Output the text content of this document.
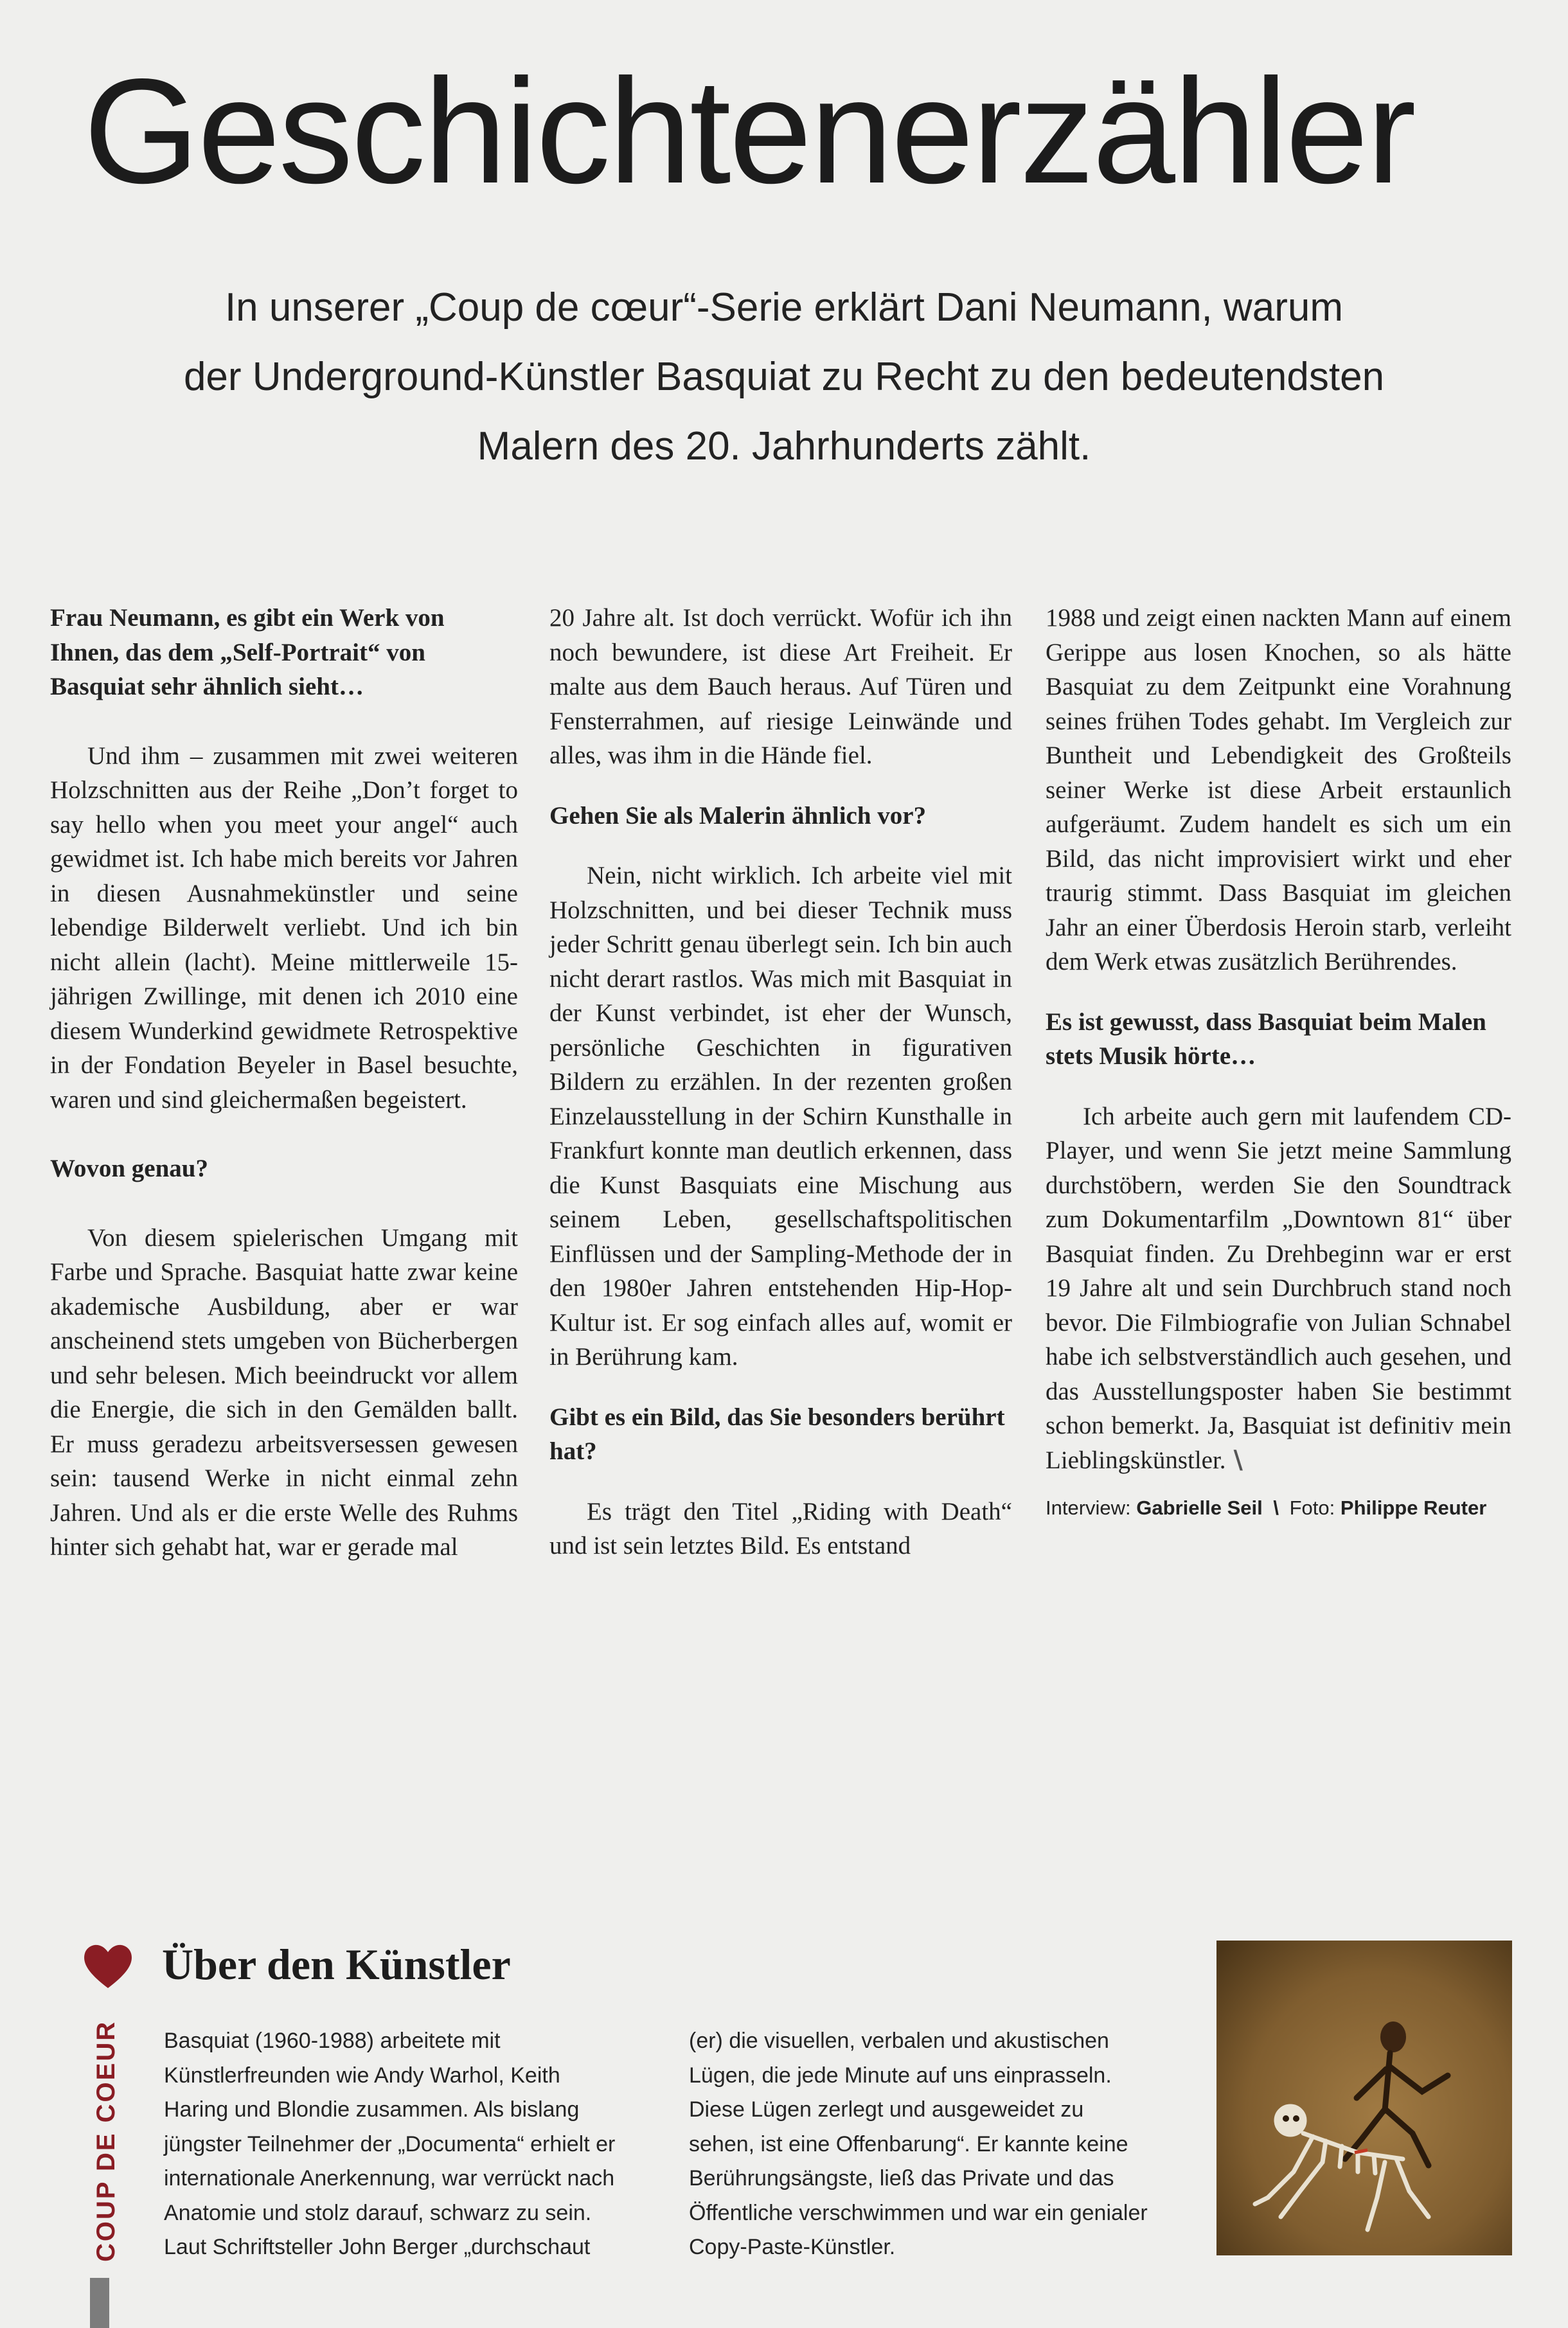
Geschichtenerzähler
In unserer „Coup de cœur“-Serie erklärt Dani Neumann, warum
der Underground-Künstler Basquiat zu Recht zu den bedeutendsten
Malern des 20. Jahrhunderts zählt.

Frau Neumann, es gibt ein Werk von Ihnen, das dem „Self-Portrait“ von Basquiat sehr ähnlich sieht…

Und ihm – zusammen mit zwei weiteren Holzschnitten aus der Reihe „Don’t forget to say hello when you meet your angel“ auch gewidmet ist. Ich habe mich bereits vor Jahren in diesen Ausnahmekünstler und seine lebendige Bilderwelt verliebt. Und ich bin nicht allein (lacht). Meine mittlerweile 15-jährigen Zwillinge, mit denen ich 2010 eine diesem Wunderkind gewidmete Retrospektive in der Fondation Beyeler in Basel besuchte, waren und sind gleichermaßen begeistert.

Wovon genau?

Von diesem spielerischen Umgang mit Farbe und Sprache. Basquiat hatte zwar keine akademische Ausbildung, aber er war anscheinend stets umgeben von Bücherbergen und sehr belesen. Mich beeindruckt vor allem die Energie, die sich in den Gemälden ballt. Er muss geradezu arbeitsversessen gewesen sein: tausend Werke in nicht einmal zehn Jahren. Und als er die erste Welle des Ruhms hinter sich gehabt hat, war er gerade mal

20 Jahre alt. Ist doch verrückt. Wofür ich ihn noch bewundere, ist diese Art Freiheit. Er malte aus dem Bauch heraus. Auf Türen und Fensterrahmen, auf riesige Leinwände und alles, was ihm in die Hände fiel.

Gehen Sie als Malerin ähnlich vor?

Nein, nicht wirklich. Ich arbeite viel mit Holzschnitten, und bei dieser Technik muss jeder Schritt genau überlegt sein. Ich bin auch nicht derart rastlos. Was mich mit Basquiat in der Kunst verbindet, ist eher der Wunsch, persönliche Geschichten in figurativen Bildern zu erzählen. In der rezenten großen Einzelausstellung in der Schirn Kunsthalle in Frankfurt konnte man deutlich erkennen, dass die Kunst Basquiats eine Mischung aus seinem Leben, gesellschaftspolitischen Einflüssen und der Sampling-Methode der in den 1980er Jahren entstehenden Hip-Hop-Kultur ist. Er sog einfach alles auf, womit er in Berührung kam.

Gibt es ein Bild, das Sie besonders berührt hat?

Es trägt den Titel „Riding with Death“ und ist sein letztes Bild. Es entstand

1988 und zeigt einen nackten Mann auf einem Gerippe aus losen Knochen, so als hätte Basquiat zu dem Zeitpunkt eine Vorahnung seines frühen Todes gehabt. Im Vergleich zur Buntheit und Lebendigkeit des Großteils seiner Werke ist diese Arbeit erstaunlich aufgeräumt. Zudem handelt es sich um ein Bild, das nicht improvisiert wirkt und eher traurig stimmt. Dass Basquiat im gleichen Jahr an einer Überdosis Heroin starb, verleiht dem Werk etwas zusätzlich Berührendes.

Es ist gewusst, dass Basquiat beim Malen stets Musik hörte…

Ich arbeite auch gern mit laufendem CD-Player, und wenn Sie jetzt meine Sammlung durchstöbern, werden Sie den Soundtrack zum Dokumentarfilm „Downtown 81“ über Basquiat finden. Zu Drehbeginn war er erst 19 Jahre alt und sein Durchbruch stand noch bevor. Die Filmbiografie von Julian Schnabel habe ich selbstverständlich auch gesehen, und das Ausstellungsposter haben Sie bestimmt schon bemerkt. Ja, Basquiat ist definitiv mein Lieblingskünstler. \

Interview: Gabrielle Seil \ Foto: Philippe Reuter
Über den Künstler
COUP DE COEUR Basquiat (1960-1988) arbeitete mit
Künstlerfreunden wie Andy Warhol, Keith
Haring und Blondie zusammen. Als bislang
jüngster Teilnehmer der „Documenta“ erhielt er
internationale Anerkennung, war verrückt nach
Anatomie und stolz darauf, schwarz zu sein.
Laut Schriftsteller John Berger „durchschaut
(er) die visuellen, verbalen und akustischen
Lügen, die jede Minute auf uns einprasseln.
Diese Lügen zerlegt und ausgeweidet zu
sehen, ist eine Offenbarung“. Er kannte keine
Berührungsängste, ließ das Private und das
Öffentliche verschwimmen und war ein genialer
Copy-Paste-Künstler.
